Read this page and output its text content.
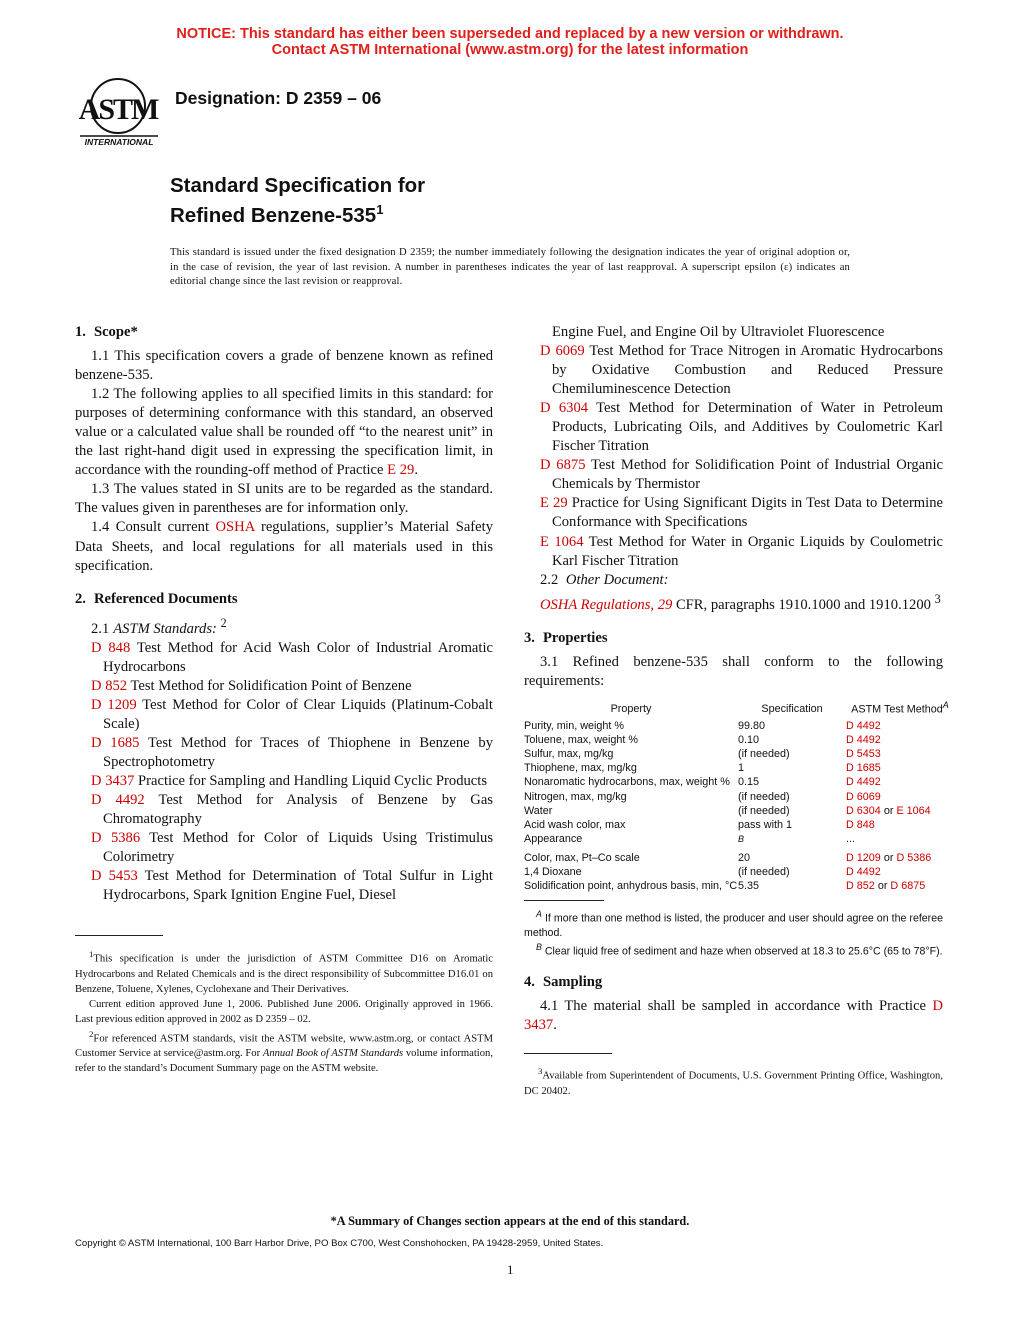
NOTICE: This standard has either been superseded and replaced by a new version or withdrawn.
Contact ASTM International (www.astm.org) for the latest information
ASTM
INTERNATIONAL
Designation: D 2359 – 06
Standard Specification for
Refined Benzene-$535^1$
This standard is issued under the fixed designation D 2359; the number immediately following the designation indicates the year of original adoption or, in the case of revision, the year of last revision. A number in parentheses indicates the year of last reapproval. A superscript epsilon (ε) indicates an editorial change since the last revision or reapproval.
1. Scope*

1.1 This specification covers a grade of benzene known as refined benzene-535.

1.2 The following applies to all specified limits in this standard: for purposes of determining conformance with this standard, an observed value or a calculated value shall be rounded off “to the nearest unit” in the last right-hand digit used in expressing the specification limit, in accordance with the rounding-off method of Practice E 29.

1.3 The values stated in SI units are to be regarded as the standard. The values given in parentheses are for information only.

1.4 Consult current OSHA regulations, supplier’s Material Safety Data Sheets, and local regulations for all materials used in this specification.

2. Referenced Documents

2.1 ASTM Standards: $^2$

D 848 Test Method for Acid Wash Color of Industrial Aromatic Hydrocarbons

D 852 Test Method for Solidification Point of Benzene

D 1209 Test Method for Color of Clear Liquids (Platinum-Cobalt Scale)

D 1685 Test Method for Traces of Thiophene in Benzene by Spectrophotometry

D 3437 Practice for Sampling and Handling Liquid Cyclic Products

D 4492 Test Method for Analysis of Benzene by Gas Chromatography

D 5386 Test Method for Color of Liquids Using Tristimulus Colorimetry

D 5453 Test Method for Determination of Total Sulfur in Light Hydrocarbons, Spark Ignition Engine Fuel, Diesel

$^1$This specification is under the jurisdiction of ASTM Committee D16 on Aromatic Hydrocarbons and Related Chemicals and is the direct responsibility of Subcommittee D16.01 on Benzene, Toluene, Xylenes, Cyclohexane and Their Derivatives.

Current edition approved June 1, 2006. Published June 2006. Originally approved in 1966. Last previous edition approved in 2002 as D 2359 – 02.

$^2$For referenced ASTM standards, visit the ASTM website, www.astm.org, or contact ASTM Customer Service at service@astm.org. For Annual Book of ASTM Standards volume information, refer to the standard’s Document Summary page on the ASTM website.

Engine Fuel, and Engine Oil by Ultraviolet Fluorescence

D 6069 Test Method for Trace Nitrogen in Aromatic Hydrocarbons by Oxidative Combustion and Reduced Pressure Chemiluminescence Detection

D 6304 Test Method for Determination of Water in Petroleum Products, Lubricating Oils, and Additives by Coulometric Karl Fischer Titration

D 6875 Test Method for Solidification Point of Industrial Organic Chemicals by Thermistor

E 29 Practice for Using Significant Digits in Test Data to Determine Conformance with Specifications

E 1064 Test Method for Water in Organic Liquids by Coulometric Karl Fischer Titration

2.2 Other Document:

OSHA Regulations, 29 CFR, paragraphs 1910.1000 and 1910.1200 $^3$

3. Properties

3.1 Refined benzene-535 shall conform to the following requirements:

Property	Specification	ASTM Test Method$^A$
Purity, min, weight %	99.80	D 4492
Toluene, max, weight %	0.10	D 4492
Sulfur, max, mg/kg	(if needed)	D 5453
Thiophene, max, mg/kg	1	D 1685
Nonaromatic hydrocarbons, max, weight %	0.15	D 4492
Nitrogen, max, mg/kg	(if needed)	D 6069
Water	(if needed)	D 6304 or E 1064
Acid wash color, max	pass with 1	D 848
Appearance	$^B$	...
Color, max, Pt–Co scale	20	D 1209 or D 5386
1,4 Dioxane	(if needed)	D 4492
Solidification point, anhydrous basis, min, °C	5.35	D 852 or D 6875

$^A$ If more than one method is listed, the producer and user should agree on the referee method.

$^B$ Clear liquid free of sediment and haze when observed at 18.3 to 25.6°C (65 to 78°F).

4. Sampling

4.1 The material shall be sampled in accordance with Practice D 3437.

$^3$Available from Superintendent of Documents, U.S. Government Printing Office, Washington, DC 20402.

*A Summary of Changes section appears at the end of this standard.
Copyright © ASTM International, 100 Barr Harbor Drive, PO Box C700, West Conshohocken, PA 19428-2959, United States.
1
